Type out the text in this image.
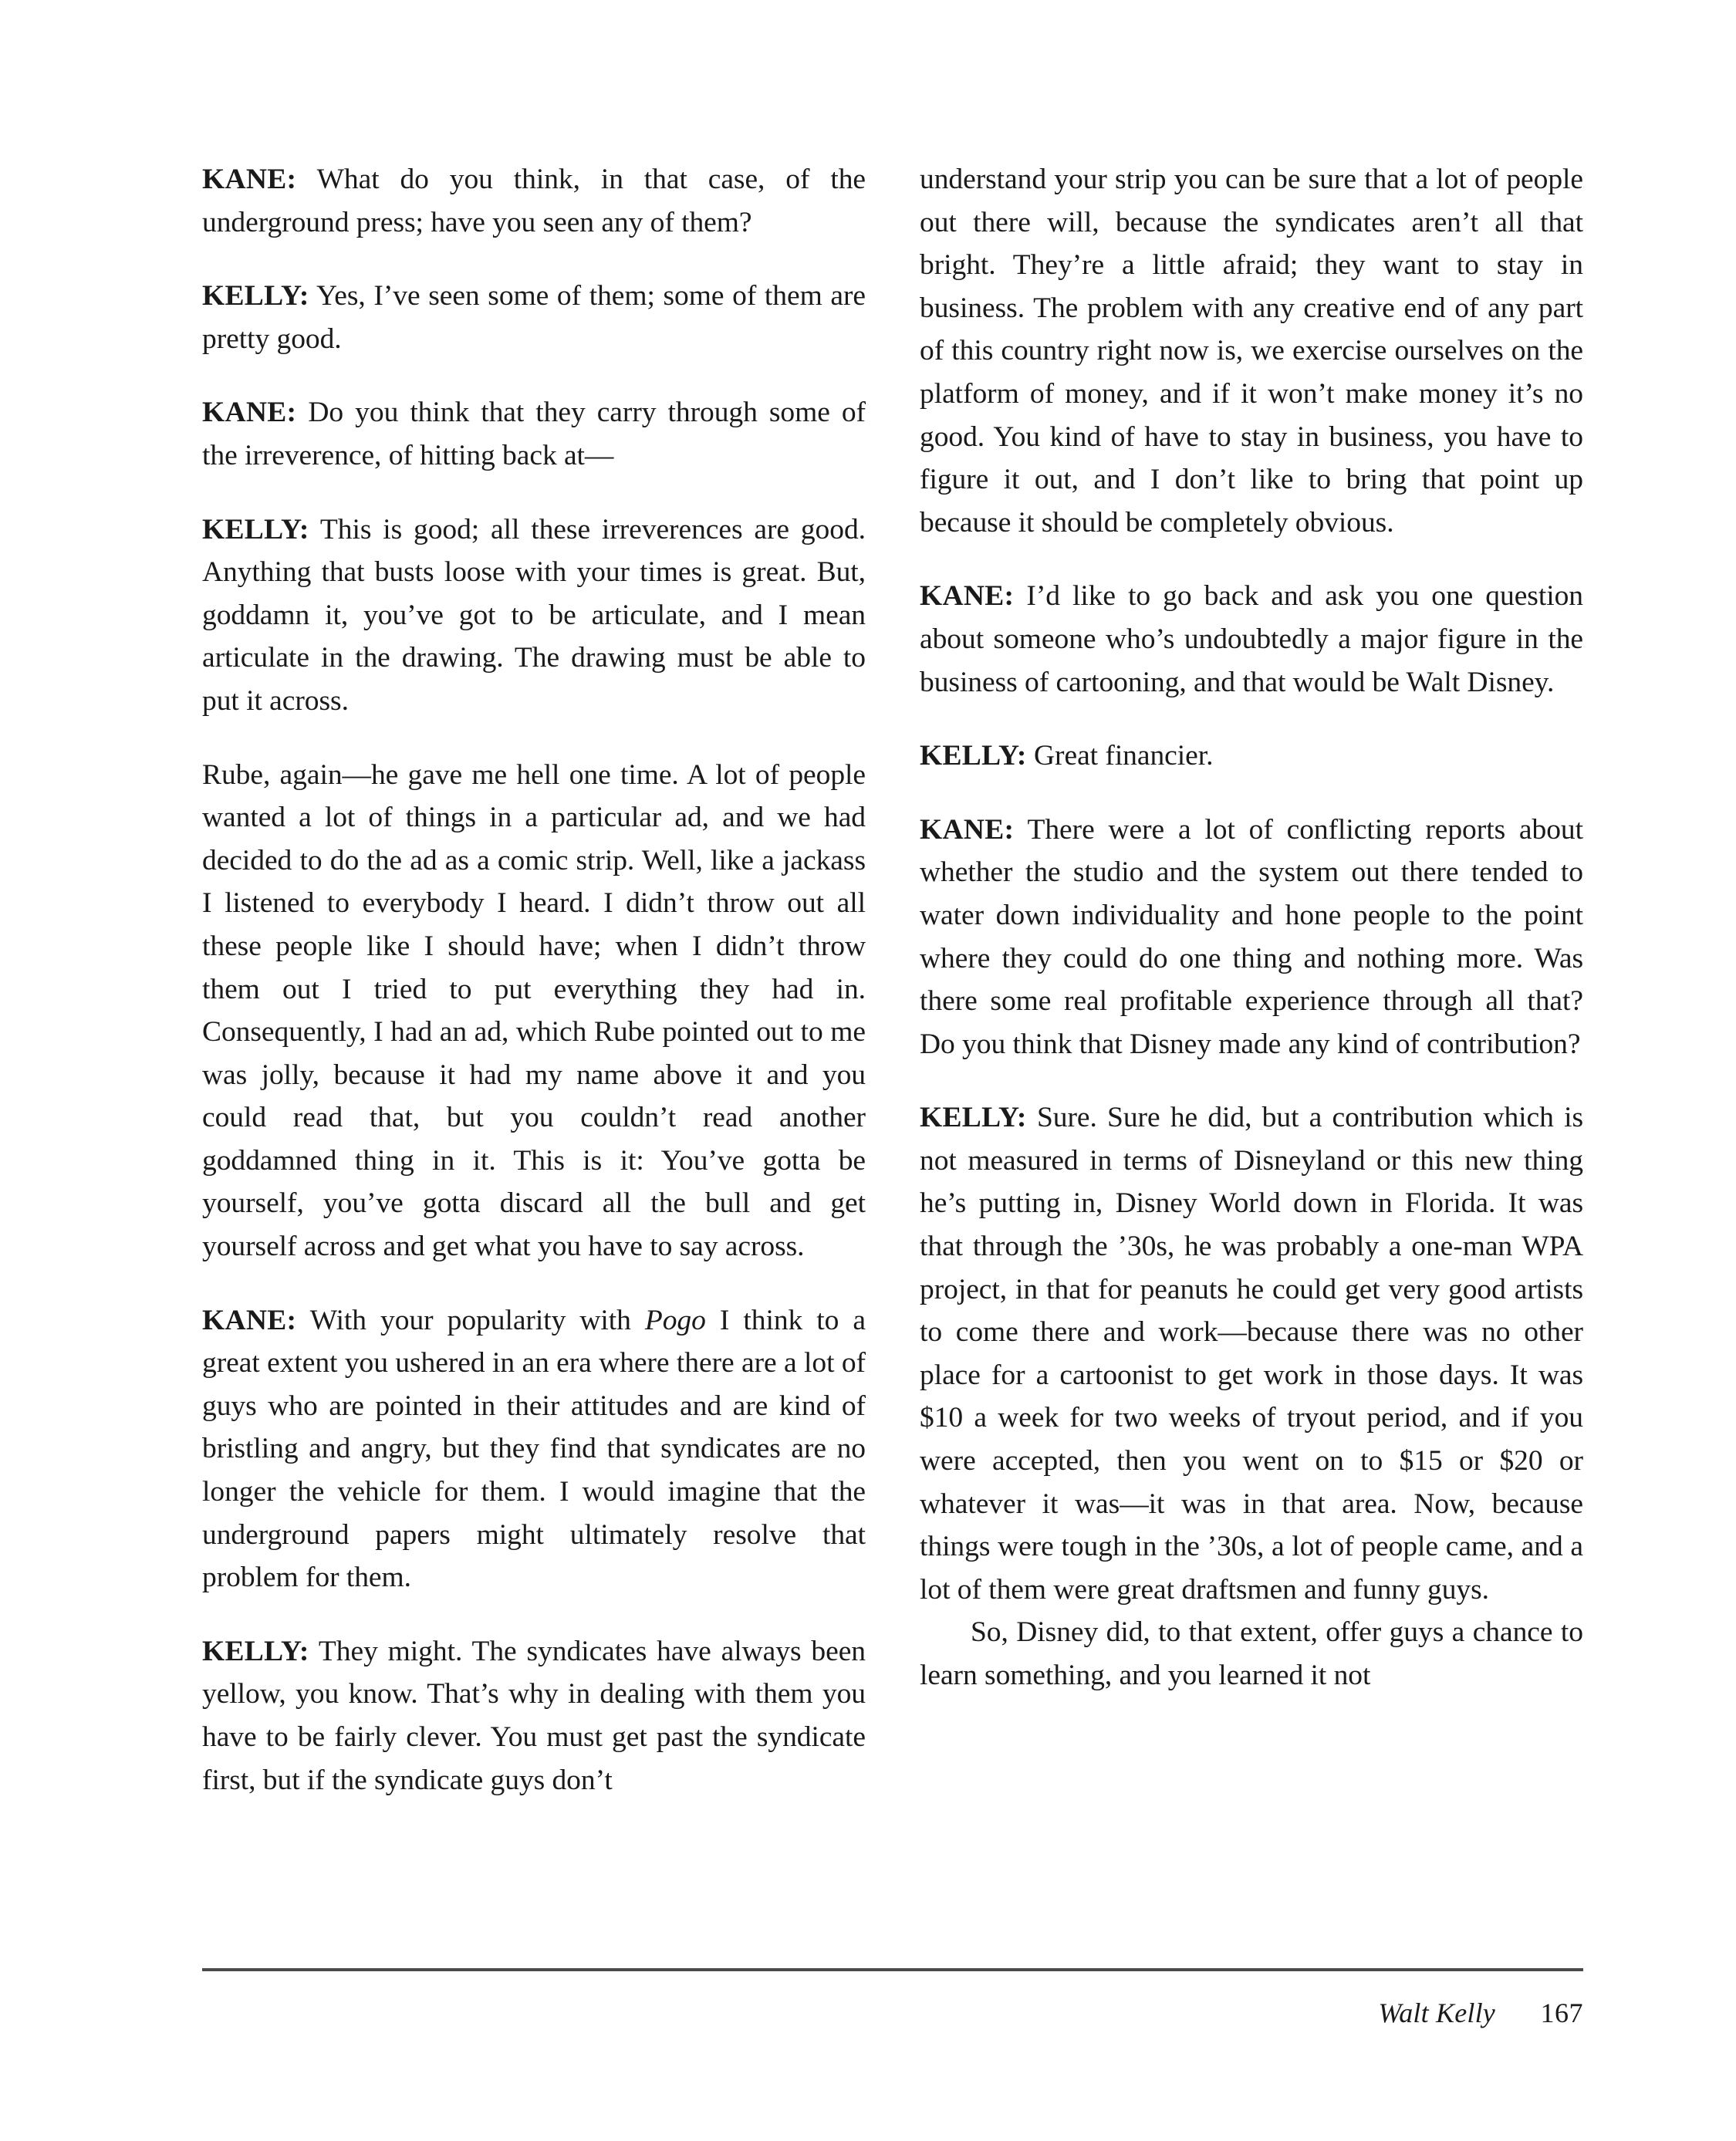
KANE: What do you think, in that case, of the underground press; have you seen any of them?

KELLY: Yes, I’ve seen some of them; some of them are pretty good.

KANE: Do you think that they carry through some of the irreverence, of hitting back at—

KELLY: This is good; all these irreverences are good. Anything that busts loose with your times is great. But, goddamn it, you’ve got to be articulate, and I mean articulate in the drawing. The drawing must be able to put it across.

Rube, again—he gave me hell one time. A lot of people wanted a lot of things in a particular ad, and we had decided to do the ad as a comic strip. Well, like a jackass I listened to everybody I heard. I didn’t throw out all these people like I should have; when I didn’t throw them out I tried to put everything they had in. Consequently, I had an ad, which Rube pointed out to me was jolly, because it had my name above it and you could read that, but you couldn’t read another goddamned thing in it. This is it: You’ve gotta be yourself, you’ve gotta discard all the bull and get yourself across and get what you have to say across.

KANE: With your popularity with Pogo I think to a great extent you ushered in an era where there are a lot of guys who are pointed in their attitudes and are kind of bristling and angry, but they find that syndicates are no longer the vehicle for them. I would imagine that the underground papers might ultimately resolve that problem for them.

KELLY: They might. The syndicates have always been yellow, you know. That’s why in dealing with them you have to be fairly clever. You must get past the syndicate first, but if the syndicate guys don’t

understand your strip you can be sure that a lot of people out there will, because the syndicates aren’t all that bright. They’re a little afraid; they want to stay in business. The problem with any creative end of any part of this country right now is, we exercise ourselves on the platform of money, and if it won’t make money it’s no good. You kind of have to stay in business, you have to figure it out, and I don’t like to bring that point up because it should be completely obvious.

KANE: I’d like to go back and ask you one question about someone who’s undoubtedly a major figure in the business of cartooning, and that would be Walt Disney.

KELLY: Great financier.

KANE: There were a lot of conflicting reports about whether the studio and the system out there tended to water down individuality and hone people to the point where they could do one thing and nothing more. Was there some real profitable experience through all that? Do you think that Disney made any kind of contribution?

KELLY: Sure. Sure he did, but a contribution which is not measured in terms of Disneyland or this new thing he’s putting in, Disney World down in Florida. It was that through the ’30s, he was probably a one-man WPA project, in that for peanuts he could get very good artists to come there and work—because there was no other place for a cartoonist to get work in those days. It was $10 a week for two weeks of tryout period, and if you were accepted, then you went on to $15 or $20 or whatever it was—it was in that area. Now, because things were tough in the ’30s, a lot of people came, and a lot of them were great draftsmen and funny guys.

So, Disney did, to that extent, offer guys a chance to learn something, and you learned it not

Walt Kelly	167
